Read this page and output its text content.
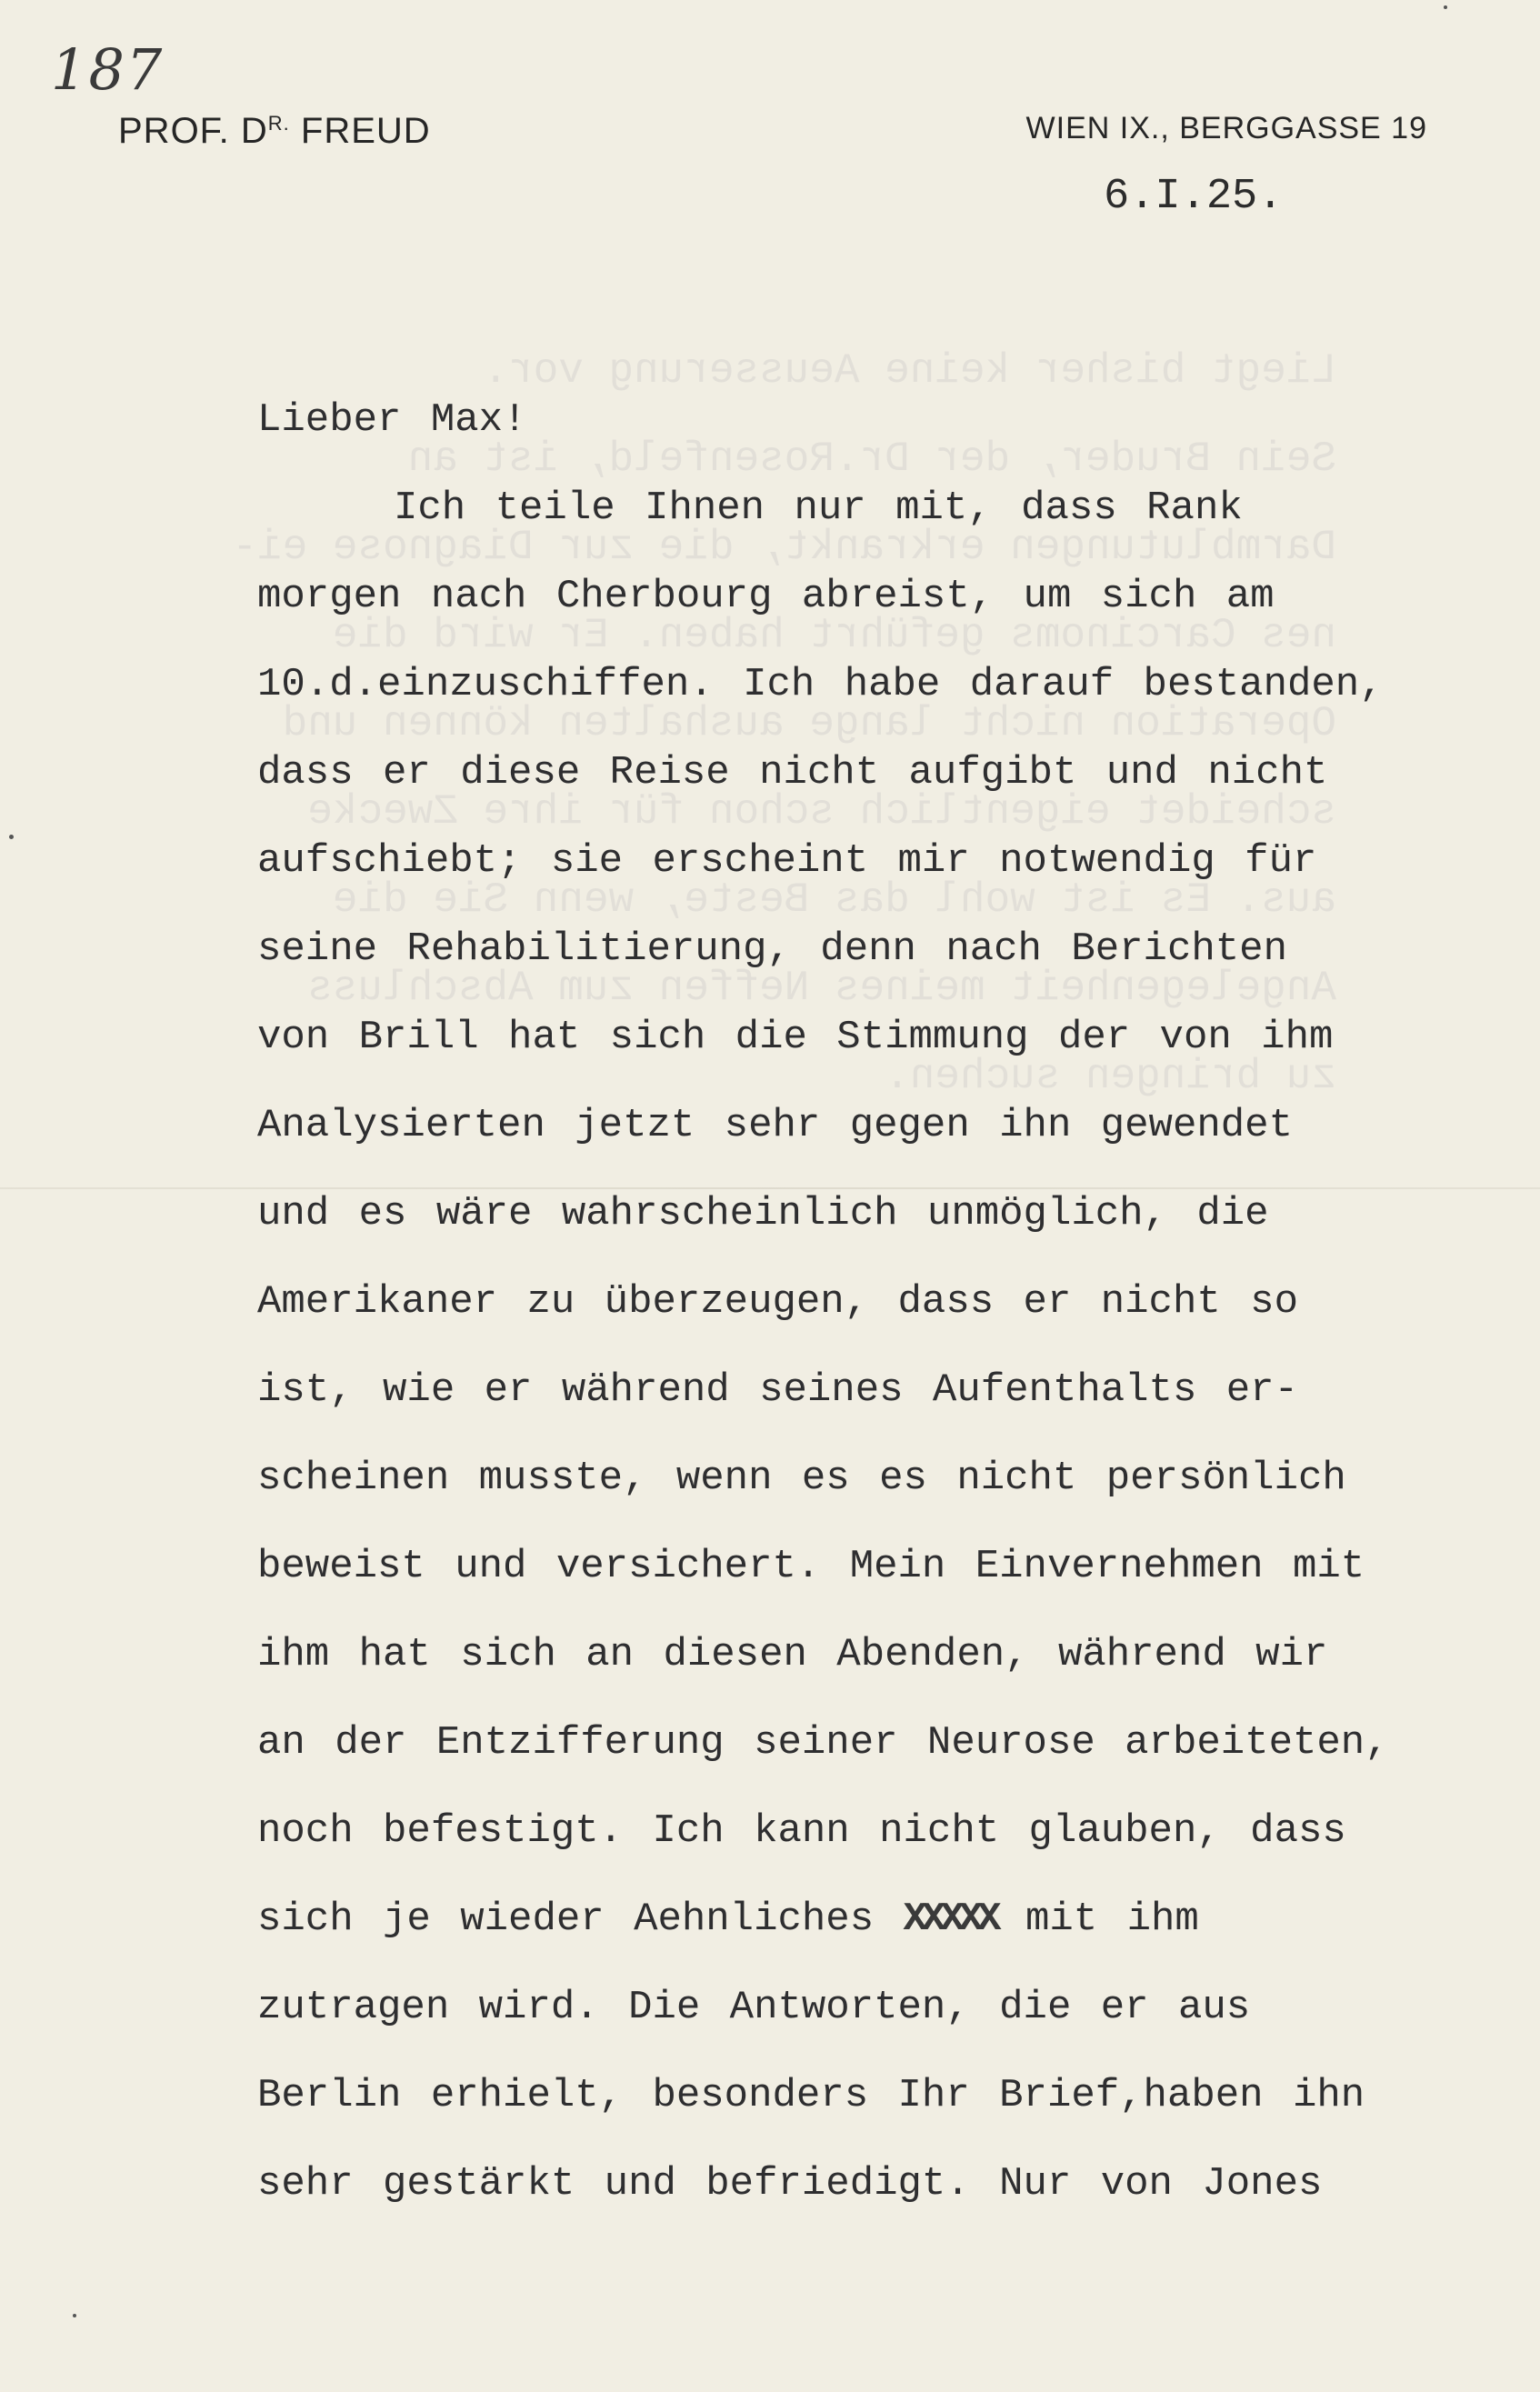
Liegt bisher keine Aeusserung vor.
Sein Bruder, der Dr.Rosenfeld, ist an
Darmblutungen erkrankt, die zur Diagnose ei-
nes Carcinoms geführt haben. Er wird die
Operation nicht lange aushalten können und
scheidet eigentlich schon für ihre Zwecke
aus. Es ist wohl das Beste, wenn Sie die
Angelegenheit meines Neffen zum Abschluss
zu bringen suchen.
187
PROF. $D^{R.}$ FREUD	WIEN IX., BERGGASSE 19
6.I.25.
Lieber Max!
Ich teile Ihnen nur mit, dass Rank
morgen nach Cherbourg abreist, um sich am
10.d.einzuschiffen. Ich habe darauf bestanden,
dass er diese Reise nicht aufgibt und nicht
aufschiebt; sie erscheint mir notwendig für
seine Rehabilitierung, denn nach Berichten
von Brill hat sich die Stimmung der von ihm
Analysierten jetzt sehr gegen ihn gewendet
und es wäre wahrscheinlich unmöglich, die
Amerikaner zu überzeugen, dass er nicht so
ist, wie er während seines Aufenthalts er-
scheinen musste, wenn es es nicht persönlich
beweist und versichert. Mein Einvernehmen mit
ihm hat sich an diesen Abenden, während wir
an der Entzifferung seiner Neurose arbeiteten,
noch befestigt. Ich kann nicht glauben, dass
sich je wieder Aehnliches XXXXX mit ihm
zutragen wird. Die Antworten, die er aus
Berlin erhielt, besonders Ihr Brief,haben ihn
sehr gestärkt und befriedigt. Nur von Jones
